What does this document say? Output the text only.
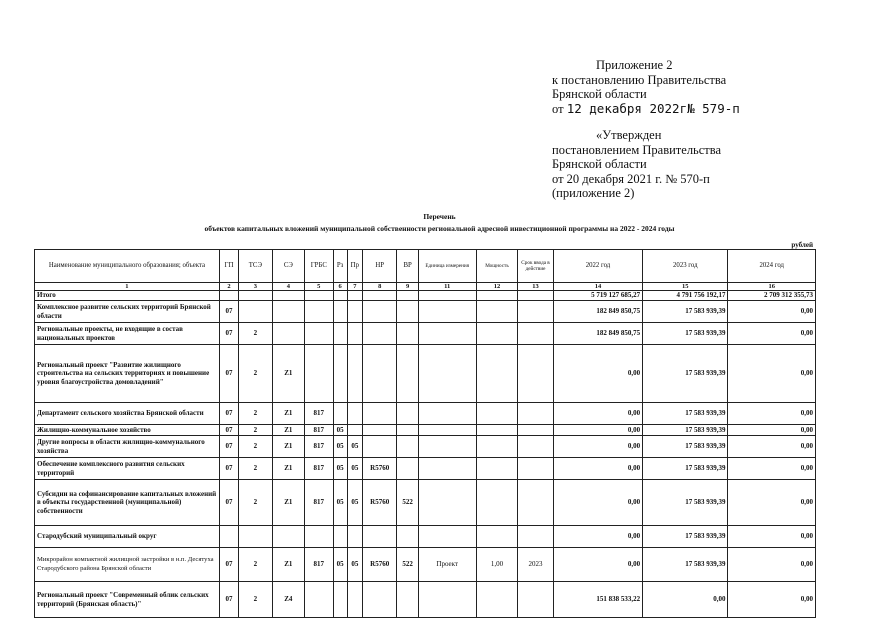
Приложение 2
к постановлению Правительства
Брянской области
от 12 декабря 2022г№ 579-п
«Утвержден
постановлением Правительства
Брянской области
от 20 декабря 2021 г. № 570-п
(приложение 2)
Перечень
объектов капитальных вложений муниципальной собственности региональной адресной инвестиционной программы на 2022 - 2024 годы
рублей
Наименование муниципального образования; объекта	ГП	ТСЭ	СЭ	ГРБС	Рз	Пр	НР	ВР	Единица измерения	Мощность	Срок ввода в действие	2022 год	2023 год	2024 год
1	2	3	4	5	6	7	8	9	11	12	13	14	15	16
Итого												5 719 127 685,27	4 791 756 192,17	2 709 312 355,73
Комплексное развитие сельских территорий Брянской области	07											182 849 850,75	17 583 939,39	0,00
Региональные проекты, не входящие в состав национальных проектов	07	2										182 849 850,75	17 583 939,39	0,00
Региональный проект "Развитие жилищного строительства на сельских территориях и повышение уровня благоустройства домовладений"	07	2	Z1									0,00	17 583 939,39	0,00
Департамент сельского хозяйства Брянской области	07	2	Z1	817								0,00	17 583 939,39	0,00
Жилищно-коммунальное хозяйство	07	2	Z1	817	05							0,00	17 583 939,39	0,00
Другие вопросы в области жилищно-коммунального хозяйства	07	2	Z1	817	05	05						0,00	17 583 939,39	0,00
Обеспечение комплексного развития сельских территорий	07	2	Z1	817	05	05	R5760					0,00	17 583 939,39	0,00
Субсидии на софинансирование капитальных вложений в объекты государственной (муниципальной) собственности	07	2	Z1	817	05	05	R5760	522				0,00	17 583 939,39	0,00
Стародубский муниципальный округ												0,00	17 583 939,39	0,00
Микрорайон компактной жилищной застройки в н.п. Десятуха Стародубского района Брянской области	07	2	Z1	817	05	05	R5760	522	Проект	1,00	2023	0,00	17 583 939,39	0,00
Региональный проект "Современный облик сельских территорий (Брянская область)"	07	2	Z4									151 838 533,22	0,00	0,00
